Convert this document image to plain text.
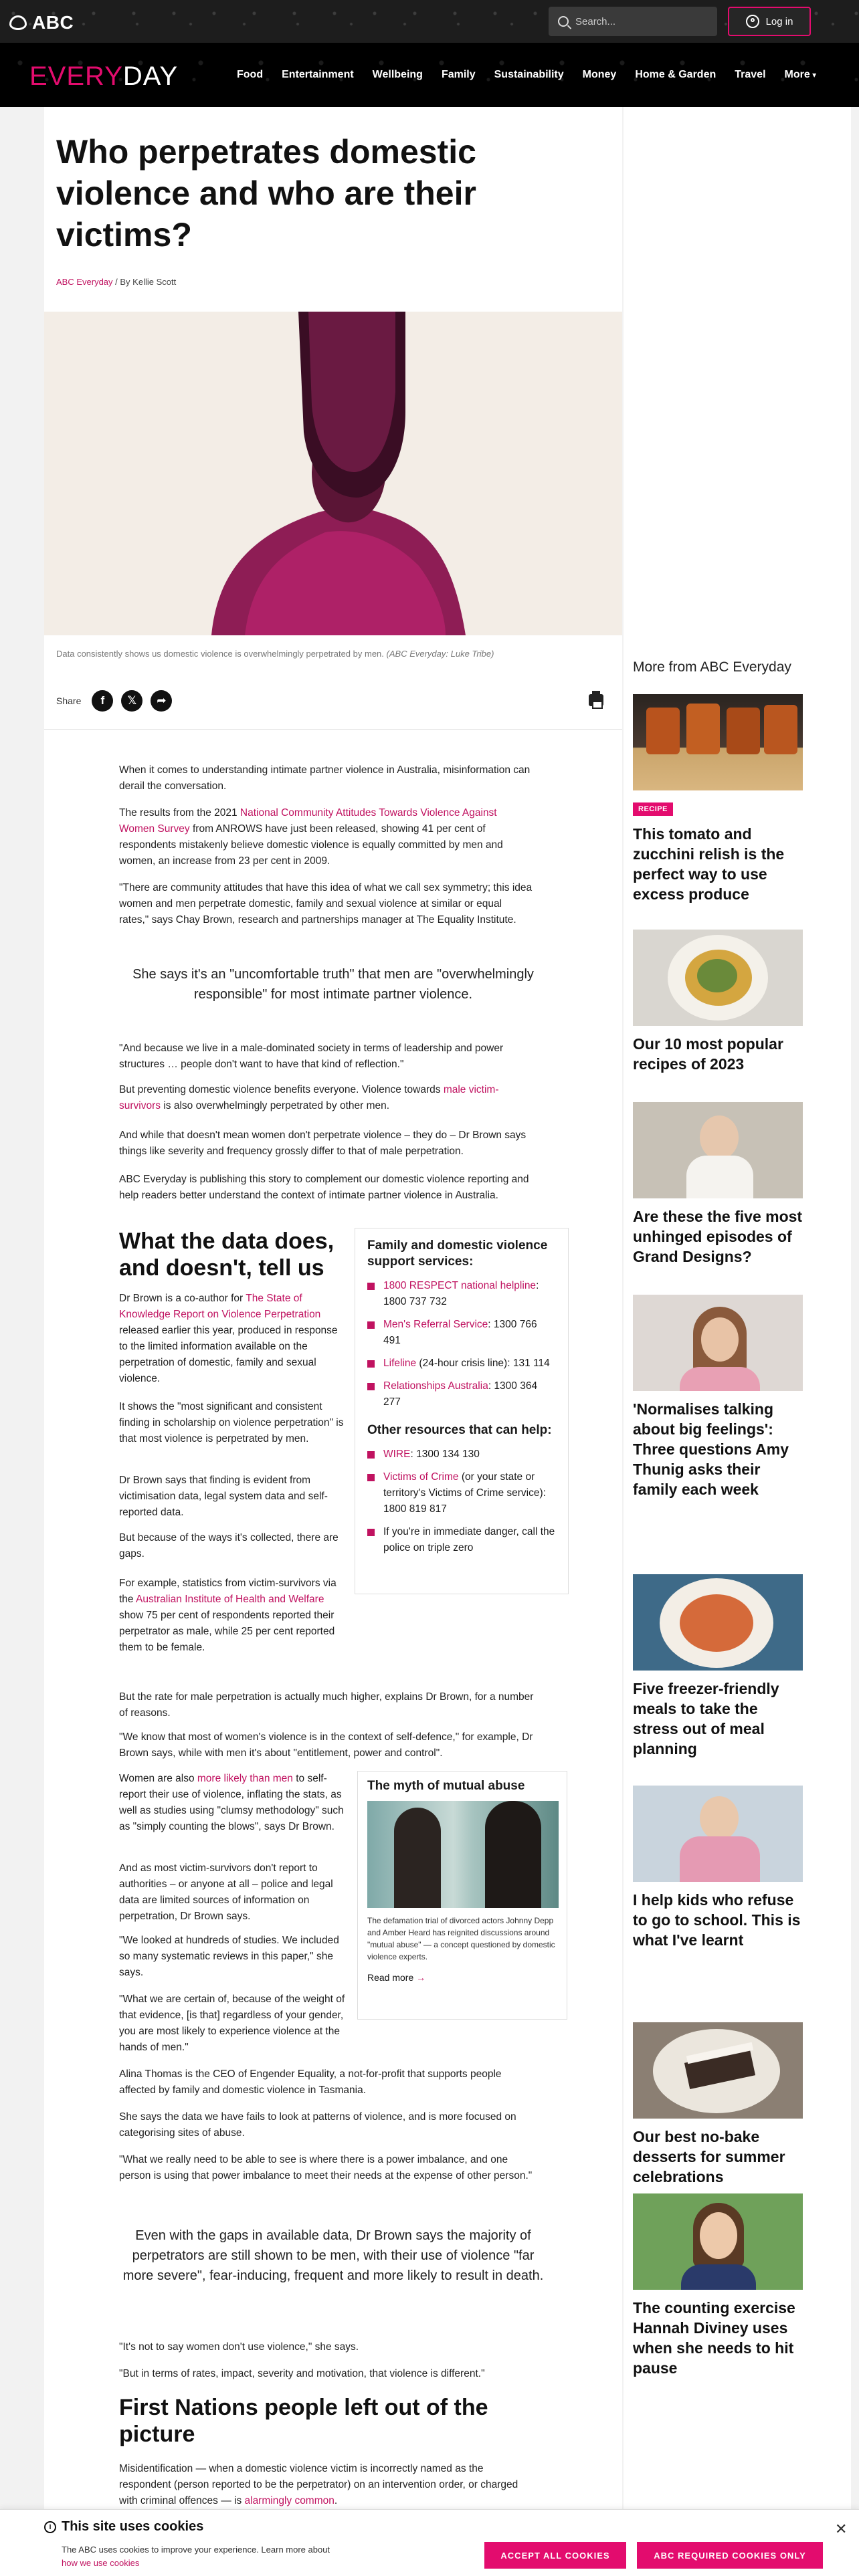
ABC	Search...	Log in
EVERYDAY	Food	Entertainment	Wellbeing	Family	Sustainability	Money	Home & Garden	Travel	More ▾
Who perpetrates domestic violence and who are their victims?
ABC Everyday / By Kellie Scott
Data consistently shows us domestic violence is overwhelmingly perpetrated by men. (ABC Everyday: Luke Tribe)
Share	f	𝕏	➦

When it comes to understanding intimate partner violence in Australia, misinformation can derail the conversation.

The results from the 2021 National Community Attitudes Towards Violence Against Women Survey from ANROWS have just been released, showing 41 per cent of respondents mistakenly believe domestic violence is equally committed by men and women, an increase from 23 per cent in 2009.

"There are community attitudes that have this idea of what we call sex symmetry; this idea women and men perpetrate domestic, family and sexual violence at similar or equal rates," says Chay Brown, research and partnerships manager at The Equality Institute.

She says it's an "uncomfortable truth" that men are "overwhelmingly responsible" for most intimate partner violence.

"And because we live in a male-dominated society in terms of leadership and power structures … people don't want to have that kind of reflection."

But preventing domestic violence benefits everyone. Violence towards male victim-survivors is also overwhelmingly perpetrated by other men.

And while that doesn't mean women don't perpetrate violence – they do – Dr Brown says things like severity and frequency grossly differ to that of male perpetration.

ABC Everyday is publishing this story to complement our domestic violence reporting and help readers better understand the context of intimate partner violence in Australia.

What the data does, and doesn't, tell us

Dr Brown is a co-author for The State of Knowledge Report on Violence Perpetration released earlier this year, produced in response to the limited information available on the perpetration of domestic, family and sexual violence.

It shows the "most significant and consistent finding in scholarship on violence perpetration" is that most violence is perpetrated by men.

Dr Brown says that finding is evident from victimisation data, legal system data and self-reported data.

But because of the ways it's collected, there are gaps.

For example, statistics from victim-survivors via the Australian Institute of Health and Welfare show 75 per cent of respondents reported their perpetrator as male, while 25 per cent reported them to be female.

Family and domestic violence support services:
1800 RESPECT national helpline: 1800 737 732
Men's Referral Service: 1300 766 491
Lifeline (24-hour crisis line): 131 114
Relationships Australia: 1300 364 277
Other resources that can help:
WIRE: 1300 134 130
Victims of Crime (or your state or territory's Victims of Crime service): 1800 819 817
If you're in immediate danger, call the police on triple zero

But the rate for male perpetration is actually much higher, explains Dr Brown, for a number of reasons.

"We know that most of women's violence is in the context of self-defence," for example, Dr Brown says, while with men it's about "entitlement, power and control".

Women are also more likely than men to self-report their use of violence, inflating the stats, as well as studies using "clumsy methodology" such as "simply counting the blows", says Dr Brown.

And as most victim-survivors don't report to authorities – or anyone at all – police and legal data are limited sources of information on perpetration, Dr Brown says.

"We looked at hundreds of studies. We included so many systematic reviews in this paper," she says.

"What we are certain of, because of the weight of that evidence, [is that] regardless of your gender, you are most likely to experience violence at the hands of men."

The myth of mutual abuse

The defamation trial of divorced actors Johnny Depp and Amber Heard has reignited discussions around "mutual abuse" — a concept questioned by domestic violence experts.

Read more →

Alina Thomas is the CEO of Engender Equality, a not-for-profit that supports people affected by family and domestic violence in Tasmania.

She says the data we have fails to look at patterns of violence, and is more focused on categorising sites of abuse.

"What we really need to be able to see is where there is a power imbalance, and one person is using that power imbalance to meet their needs at the expense of other person."

Even with the gaps in available data, Dr Brown says the majority of perpetrators are still shown to be men, with their use of violence "far more severe", fear-inducing, frequent and more likely to result in death.

"It's not to say women don't use violence," she says.

"But in terms of rates, impact, severity and motivation, that violence is different."

First Nations people left out of the picture

Misidentification — when a domestic violence victim is incorrectly named as the respondent (person reported to be the perpetrator) on an intervention order, or charged with criminal offences — is alarmingly common.

More from ABC Everyday
RECIPE
This tomato and zucchini relish is the perfect way to use excess produce
Our 10 most popular recipes of 2023
Are these the five most unhinged episodes of Grand Designs?
'Normalises talking about big feelings': Three questions Amy Thunig asks their family each week
Five freezer-friendly meals to take the stress out of meal planning
I help kids who refuse to go to school. This is what I've learnt
Our best no-bake desserts for summer celebrations
The counting exercise Hannah Diviney uses when she needs to hit pause
i This site uses cookies

The ABC uses cookies to improve your experience. Learn more about how we use cookies

ACCEPT ALL COOKIES	ABC REQUIRED COOKIES ONLY
✕
